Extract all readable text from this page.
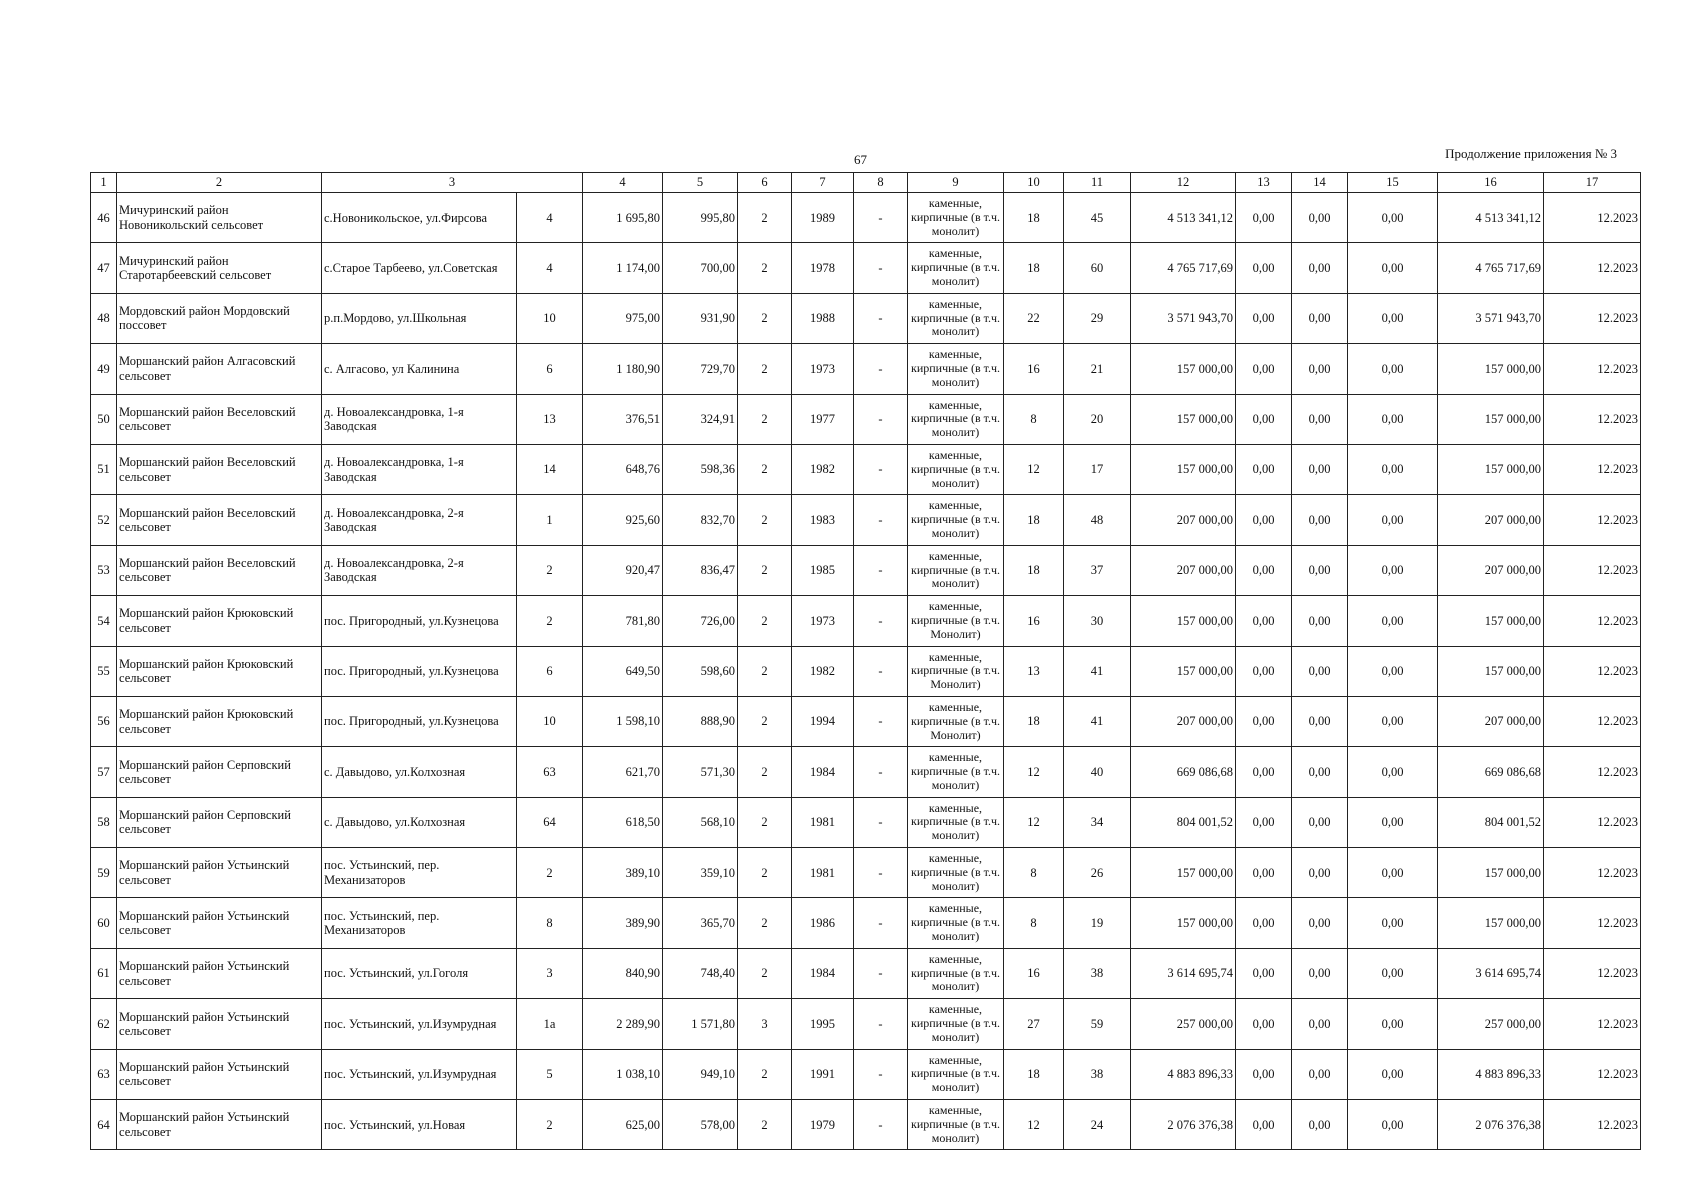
67	Продолжение приложения № 3
1	2	3		4	5	6	7	8	9	10	11	12	13	14	15	16	17
46	Мичуринский район Новоникольский сельсовет	с.Новоникольское, ул.Фирсова	4	1 695,80	995,80	2	1989	-	каменные, кирпичные (в т.ч. монолит)	18	45	4 513 341,12	0,00	0,00	0,00	4 513 341,12	12.2023
47	Мичуринский район Старотарбеевский сельсовет	с.Старое Тарбеево, ул.Советская	4	1 174,00	700,00	2	1978	-	каменные, кирпичные (в т.ч. монолит)	18	60	4 765 717,69	0,00	0,00	0,00	4 765 717,69	12.2023
48	Мордовский район Мордовский поссовет	р.п.Мордово, ул.Школьная	10	975,00	931,90	2	1988	-	каменные, кирпичные (в т.ч. монолит)	22	29	3 571 943,70	0,00	0,00	0,00	3 571 943,70	12.2023
49	Моршанский район Алгасовский сельсовет	с. Алгасово, ул Калинина	6	1 180,90	729,70	2	1973	-	каменные, кирпичные (в т.ч. монолит)	16	21	157 000,00	0,00	0,00	0,00	157 000,00	12.2023
50	Моршанский район Веселовский сельсовет	д. Новоалександровка, 1-я Заводская	13	376,51	324,91	2	1977	-	каменные, кирпичные (в т.ч. монолит)	8	20	157 000,00	0,00	0,00	0,00	157 000,00	12.2023
51	Моршанский район Веселовский сельсовет	д. Новоалександровка, 1-я Заводская	14	648,76	598,36	2	1982	-	каменные, кирпичные (в т.ч. монолит)	12	17	157 000,00	0,00	0,00	0,00	157 000,00	12.2023
52	Моршанский район Веселовский сельсовет	д. Новоалександровка, 2-я Заводская	1	925,60	832,70	2	1983	-	каменные, кирпичные (в т.ч. монолит)	18	48	207 000,00	0,00	0,00	0,00	207 000,00	12.2023
53	Моршанский район Веселовский сельсовет	д. Новоалександровка, 2-я Заводская	2	920,47	836,47	2	1985	-	каменные, кирпичные (в т.ч. монолит)	18	37	207 000,00	0,00	0,00	0,00	207 000,00	12.2023
54	Моршанский район Крюковский сельсовет	пос. Пригородный, ул.Кузнецова	2	781,80	726,00	2	1973	-	каменные, кирпичные (в т.ч. Монолит)	16	30	157 000,00	0,00	0,00	0,00	157 000,00	12.2023
55	Моршанский район Крюковский сельсовет	пос. Пригородный, ул.Кузнецова	6	649,50	598,60	2	1982	-	каменные, кирпичные (в т.ч. Монолит)	13	41	157 000,00	0,00	0,00	0,00	157 000,00	12.2023
56	Моршанский район Крюковский сельсовет	пос. Пригородный, ул.Кузнецова	10	1 598,10	888,90	2	1994	-	каменные, кирпичные (в т.ч. Монолит)	18	41	207 000,00	0,00	0,00	0,00	207 000,00	12.2023
57	Моршанский район Серповский сельсовет	с. Давыдово, ул.Колхозная	63	621,70	571,30	2	1984	-	каменные, кирпичные (в т.ч. монолит)	12	40	669 086,68	0,00	0,00	0,00	669 086,68	12.2023
58	Моршанский район Серповский сельсовет	с. Давыдово, ул.Колхозная	64	618,50	568,10	2	1981	-	каменные, кирпичные (в т.ч. монолит)	12	34	804 001,52	0,00	0,00	0,00	804 001,52	12.2023
59	Моршанский район Устьинский сельсовет	пос. Устьинский, пер. Механизаторов	2	389,10	359,10	2	1981	-	каменные, кирпичные (в т.ч. монолит)	8	26	157 000,00	0,00	0,00	0,00	157 000,00	12.2023
60	Моршанский район Устьинский сельсовет	пос. Устьинский, пер. Механизаторов	8	389,90	365,70	2	1986	-	каменные, кирпичные (в т.ч. монолит)	8	19	157 000,00	0,00	0,00	0,00	157 000,00	12.2023
61	Моршанский район Устьинский сельсовет	пос. Устьинский, ул.Гоголя	3	840,90	748,40	2	1984	-	каменные, кирпичные (в т.ч. монолит)	16	38	3 614 695,74	0,00	0,00	0,00	3 614 695,74	12.2023
62	Моршанский район Устьинский сельсовет	пос. Устьинский, ул.Изумрудная	1а	2 289,90	1 571,80	3	1995	-	каменные, кирпичные (в т.ч. монолит)	27	59	257 000,00	0,00	0,00	0,00	257 000,00	12.2023
63	Моршанский район Устьинский сельсовет	пос. Устьинский, ул.Изумрудная	5	1 038,10	949,10	2	1991	-	каменные, кирпичные (в т.ч. монолит)	18	38	4 883 896,33	0,00	0,00	0,00	4 883 896,33	12.2023
64	Моршанский район Устьинский сельсовет	пос. Устьинский, ул.Новая	2	625,00	578,00	2	1979	-	каменные, кирпичные (в т.ч. монолит)	12	24	2 076 376,38	0,00	0,00	0,00	2 076 376,38	12.2023
